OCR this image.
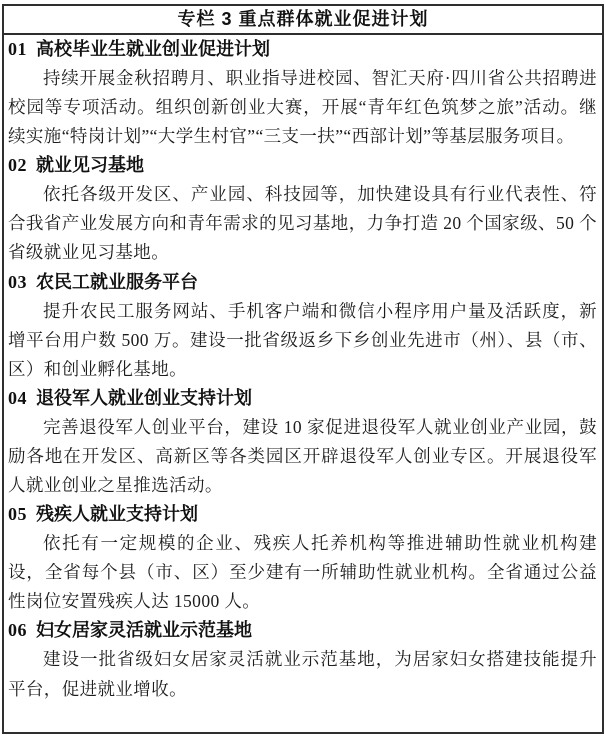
专栏 3 重点群体就业促进计划
01 高校毕业生就业创业促进计划

持续开展金秋招聘月、职业指导进校园、智汇天府·四川省公共招聘进校园等专项活动。组织创新创业大赛，开展“青年红色筑梦之旅”活动。继续实施“特岗计划”“大学生村官”“三支一扶”“西部计划”等基层服务项目。

02 就业见习基地

依托各级开发区、产业园、科技园等，加快建设具有行业代表性、符合我省产业发展方向和青年需求的见习基地，力争打造 20 个国家级、50 个省级就业见习基地。

03 农民工就业服务平台

提升农民工服务网站、手机客户端和微信小程序用户量及活跃度，新增平台用户数 500 万。建设一批省级返乡下乡创业先进市（州）、县（市、区）和创业孵化基地。

04 退役军人就业创业支持计划

完善退役军人创业平台，建设 10 家促进退役军人就业创业产业园，鼓励各地在开发区、高新区等各类园区开辟退役军人创业专区。开展退役军人就业创业之星推选活动。

05 残疾人就业支持计划

依托有一定规模的企业、残疾人托养机构等推进辅助性就业机构建设，全省每个县（市、区）至少建有一所辅助性就业机构。全省通过公益性岗位安置残疾人达 15000 人。

06 妇女居家灵活就业示范基地

建设一批省级妇女居家灵活就业示范基地，为居家妇女搭建技能提升平台，促进就业增收。
